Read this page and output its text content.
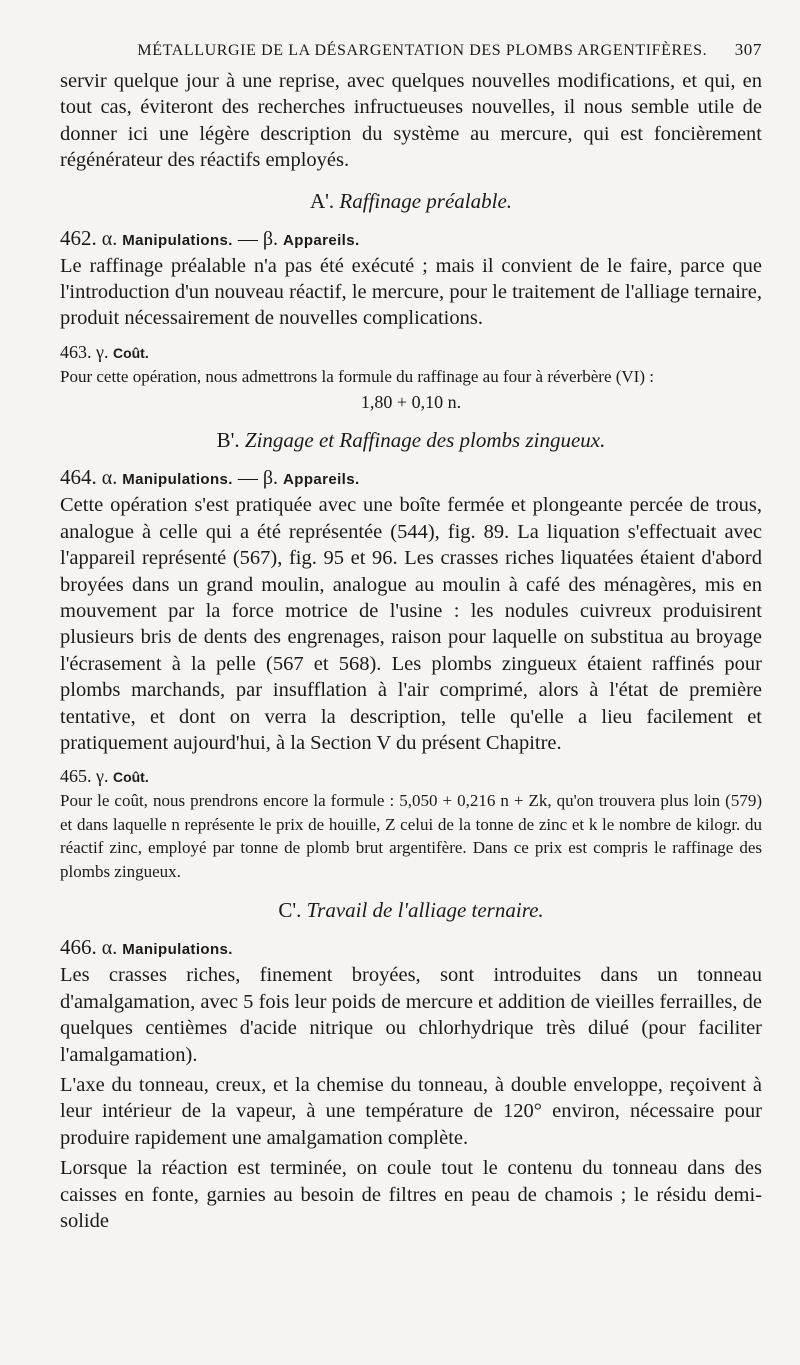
MÉTALLURGIE DE LA DÉSARGENTATION DES PLOMBS ARGENTIFÈRES.	307

servir quelque jour à une reprise, avec quelques nouvelles modifications, et qui, en tout cas, éviteront des recherches infructueuses nouvelles, il nous semble utile de donner ici une légère description du système au mercure, qui est foncièrement régénérateur des réactifs employés.

A'. Raffinage préalable.
462. α. Manipulations. — β. Appareils.

Le raffinage préalable n'a pas été exécuté ; mais il convient de le faire, parce que l'introduction d'un nouveau réactif, le mercure, pour le traitement de l'alliage ternaire, produit nécessairement de nouvelles complications.

463. γ. Coût.

Pour cette opération, nous admettrons la formule du raffinage au four à réverbère (VI) :

1,80 + 0,10 n.
B'. Zingage et Raffinage des plombs zingueux.
464. α. Manipulations. — β. Appareils.

Cette opération s'est pratiquée avec une boîte fermée et plongeante percée de trous, analogue à celle qui a été représentée (544), fig. 89. La liquation s'effectuait avec l'appareil représenté (567), fig. 95 et 96. Les crasses riches liquatées étaient d'abord broyées dans un grand moulin, analogue au moulin à café des ménagères, mis en mouvement par la force motrice de l'usine : les nodules cuivreux produisirent plusieurs bris de dents des engrenages, raison pour laquelle on substitua au broyage l'écrasement à la pelle (567 et 568). Les plombs zingueux étaient raffinés pour plombs marchands, par insufflation à l'air comprimé, alors à l'état de première tentative, et dont on verra la description, telle qu'elle a lieu facilement et pratiquement aujourd'hui, à la Section V du présent Chapitre.

465. γ. Coût.

Pour le coût, nous prendrons encore la formule : 5,050 + 0,216 n + Zk, qu'on trouvera plus loin (579) et dans laquelle n représente le prix de houille, Z celui de la tonne de zinc et k le nombre de kilogr. du réactif zinc, employé par tonne de plomb brut argentifère. Dans ce prix est compris le raffinage des plombs zingueux.

C'. Travail de l'alliage ternaire.
466. α. Manipulations.

Les crasses riches, finement broyées, sont introduites dans un tonneau d'amalgamation, avec 5 fois leur poids de mercure et addition de vieilles ferrailles, de quelques centièmes d'acide nitrique ou chlorhydrique très dilué (pour faciliter l'amalgamation).

L'axe du tonneau, creux, et la chemise du tonneau, à double enveloppe, reçoivent à leur intérieur de la vapeur, à une température de 120° environ, nécessaire pour produire rapidement une amalgamation complète.

Lorsque la réaction est terminée, on coule tout le contenu du tonneau dans des caisses en fonte, garnies au besoin de filtres en peau de chamois ; le résidu demi-solide
